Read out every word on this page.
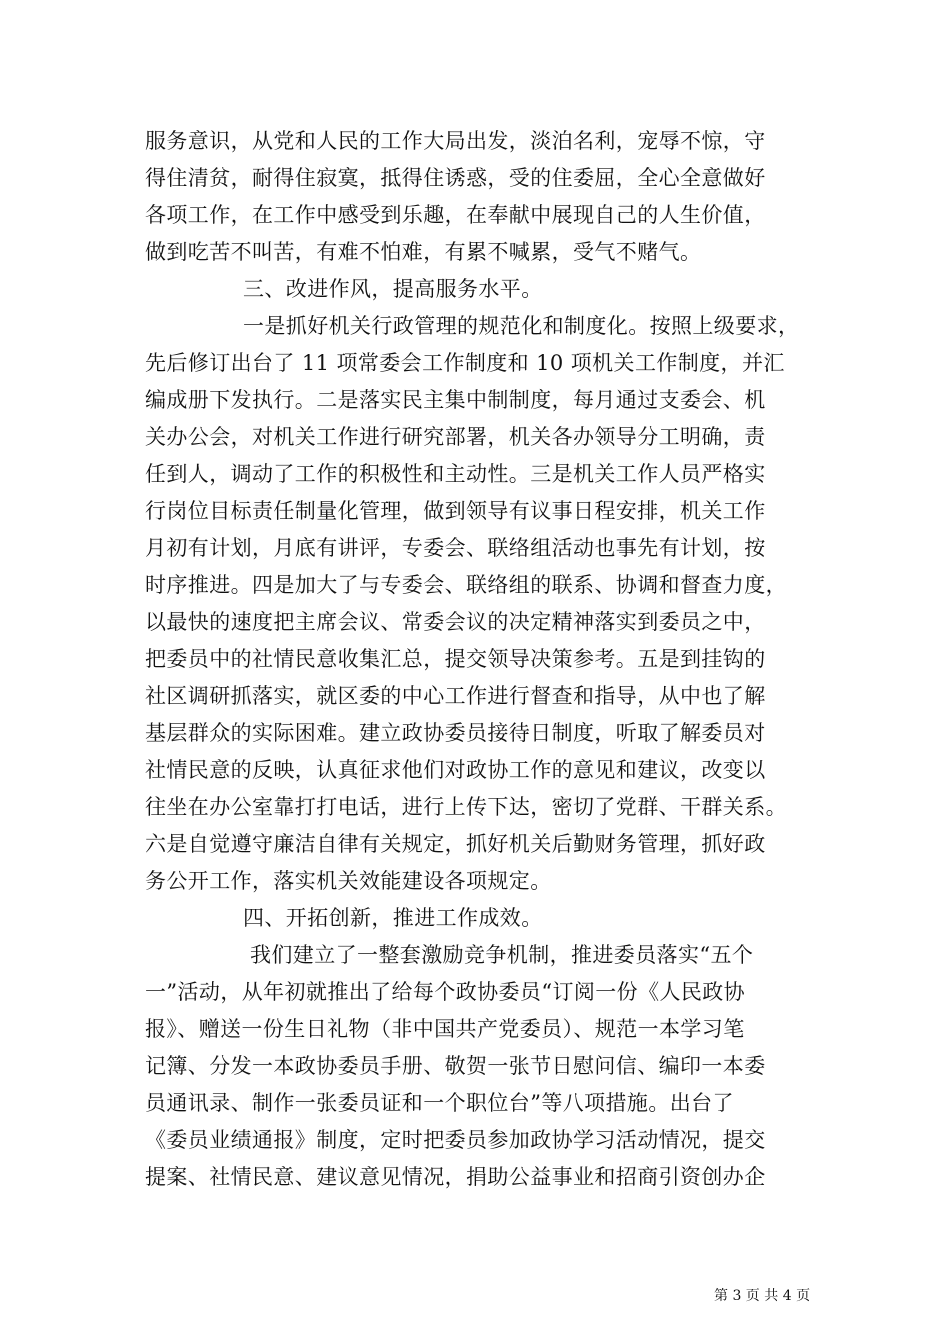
服务意识，从党和人民的工作大局出发，淡泊名利，宠辱不惊，守
得住清贫，耐得住寂寞，抵得住诱惑，受的住委屈，全心全意做好
各项工作，在工作中感受到乐趣，在奉献中展现自己的人生价值，
做到吃苦不叫苦，有难不怕难，有累不喊累，受气不赌气。
三、改进作风，提高服务水平。
一是抓好机关行政管理的规范化和制度化。按照上级要求，
先后修订出台了 11 项常委会工作制度和 10 项机关工作制度，并汇
编成册下发执行。二是落实民主集中制制度，每月通过支委会、机
关办公会，对机关工作进行研究部署，机关各办领导分工明确，责
任到人，调动了工作的积极性和主动性。三是机关工作人员严格实
行岗位目标责任制量化管理，做到领导有议事日程安排，机关工作
月初有计划，月底有讲评，专委会、联络组活动也事先有计划，按
时序推进。四是加大了与专委会、联络组的联系、协调和督查力度，
以最快的速度把主席会议、常委会议的决定精神落实到委员之中，
把委员中的社情民意收集汇总，提交领导决策参考。五是到挂钩的
社区调研抓落实，就区委的中心工作进行督查和指导，从中也了解
基层群众的实际困难。建立政协委员接待日制度，听取了解委员对
社情民意的反映，认真征求他们对政协工作的意见和建议，改变以
往坐在办公室靠打打电话，进行上传下达，密切了党群、干群关系。
六是自觉遵守廉洁自律有关规定，抓好机关后勤财务管理，抓好政
务公开工作，落实机关效能建设各项规定。
四、开拓创新，推进工作成效。
我们建立了一整套激励竞争机制，推进委员落实“五个
一”活动，从年初就推出了给每个政协委员“订阅一份《人民政协
报》、赠送一份生日礼物（非中国共产党委员）、规范一本学习笔
记簿、分发一本政协委员手册、敬贺一张节日慰问信、编印一本委
员通讯录、制作一张委员证和一个职位台”等八项措施。出台了
《委员业绩通报》制度，定时把委员参加政协学习活动情况，提交
提案、社情民意、建议意见情况，捐助公益事业和招商引资创办企
第 3 页 共 4 页
